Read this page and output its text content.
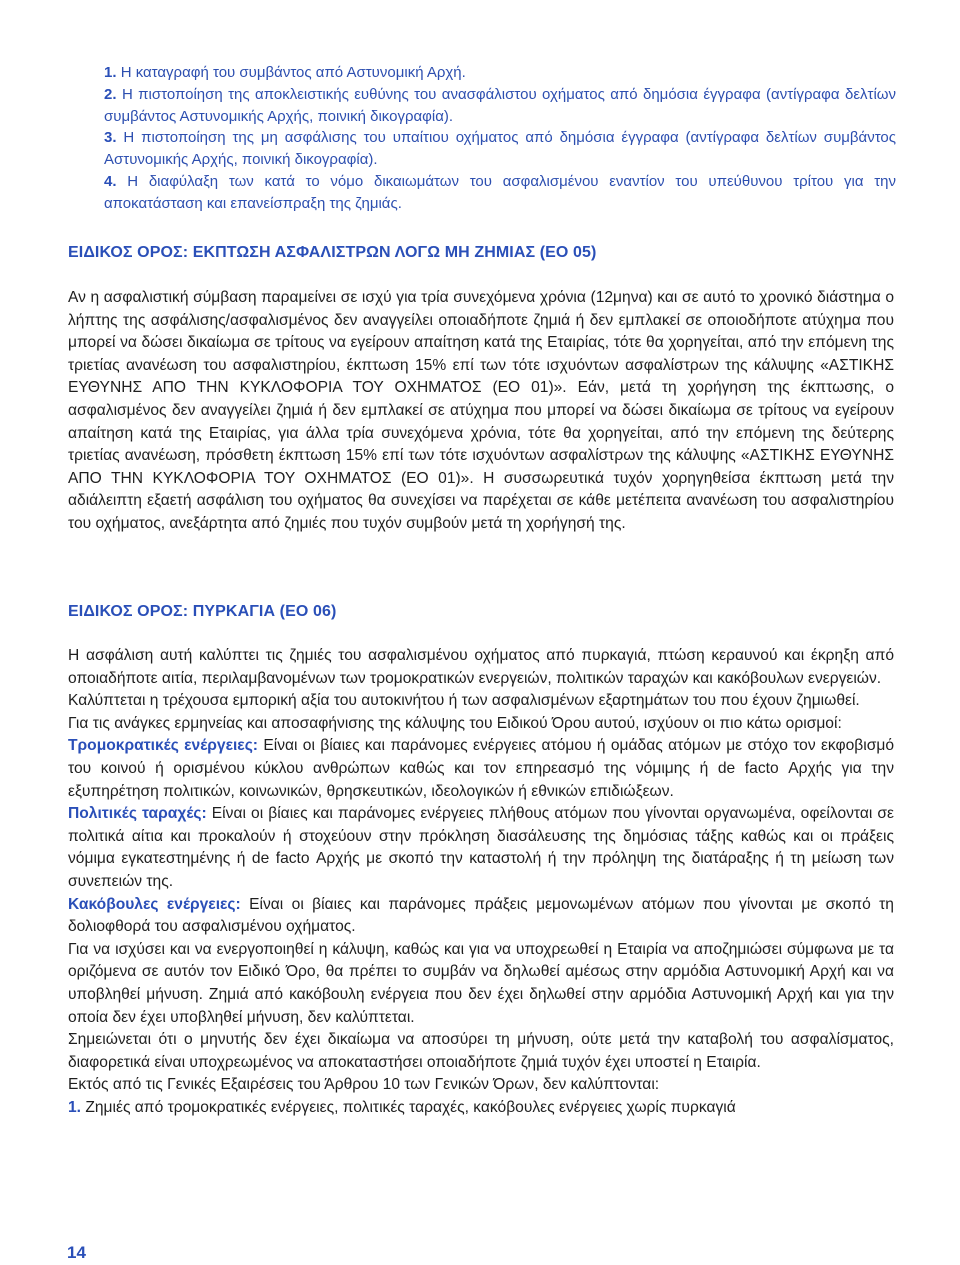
1. Η καταγραφή του συμβάντος από Αστυνομική Αρχή.

2. Η πιστοποίηση της αποκλειστικής ευθύνης του ανασφάλιστου οχήματος από δημόσια έγγραφα (αντίγραφα δελτίων συμβάντος Αστυνομικής Αρχής, ποινική δικογραφία).

3. Η πιστοποίηση της μη ασφάλισης του υπαίτιου οχήματος από δημόσια έγγραφα (αντίγραφα δελτίων συμβάντος Αστυνομικής Αρχής, ποινική δικογραφία).

4. Η διαφύλαξη των κατά το νόμο δικαιωμάτων του ασφαλισμένου εναντίον του υπεύθυνου τρίτου για την αποκατάσταση και επανείσπραξη της ζημιάς.

ΕΙΔΙΚΟΣ ΟΡΟΣ: ΕΚΠΤΩΣΗ ΑΣΦΑΛΙΣΤΡΩΝ ΛΟΓΩ ΜΗ ΖΗΜΙΑΣ (ΕΟ 05)

Αν η ασφαλιστική σύμβαση παραμείνει σε ισχύ για τρία συνεχόμενα χρόνια (12μηνα) και σε αυτό το χρονικό διάστημα ο λήπτης της ασφάλισης/ασφαλισμένος δεν αναγγείλει οποιαδήποτε ζημιά ή δεν εμπλακεί σε οποιοδήποτε ατύχημα που μπορεί να δώσει δικαίωμα σε τρίτους να εγείρουν απαίτηση κατά της Εταιρίας, τότε θα χορηγείται, από την επόμενη της τριετίας ανανέωση του ασφαλιστηρίου, έκπτωση 15% επί των τότε ισχυόντων ασφαλίστρων της κάλυψης «ΑΣΤΙΚΗΣ ΕΥΘΥΝΗΣ ΑΠΟ ΤΗΝ ΚΥΚΛΟΦΟΡΙΑ ΤΟΥ ΟΧΗΜΑΤΟΣ (ΕΟ 01)». Εάν, μετά τη χορήγηση της έκπτωσης, ο ασφαλισμένος δεν αναγγείλει ζημιά ή δεν εμπλακεί σε ατύχημα που μπορεί να δώσει δικαίωμα σε τρίτους να εγείρουν απαίτηση κατά της Εταιρίας, για άλλα τρία συνεχόμενα χρόνια, τότε θα χορηγείται, από την επόμενη της δεύτερης τριετίας ανανέωση, πρόσθετη έκπτωση 15% επί των τότε ισχυόντων ασφαλίστρων της κάλυψης «ΑΣΤΙΚΗΣ ΕΥΘΥΝΗΣ ΑΠΟ ΤΗΝ ΚΥΚΛΟΦΟΡΙΑ ΤΟΥ ΟΧΗΜΑΤΟΣ (ΕΟ 01)». Η συσσωρευτικά τυχόν χορηγηθείσα έκπτωση μετά την αδιάλειπτη εξαετή ασφάλιση του οχήματος θα συνεχίσει να παρέχεται σε κάθε μετέπειτα ανανέωση του ασφαλιστηρίου του οχήματος, ανεξάρτητα από ζημιές που τυχόν συμβούν μετά τη χορήγησή της.

ΕΙΔΙΚΟΣ ΟΡΟΣ: ΠΥΡΚΑΓΙΑ (ΕΟ 06)
Η ασφάλιση αυτή καλύπτει τις ζημιές του ασφαλισμένου οχήματος από πυρκαγιά, πτώση κεραυνού και έκρηξη από οποιαδήποτε αιτία, περιλαμβανομένων των τρομοκρατικών ενεργειών, πολιτικών ταραχών και κακόβουλων ενεργειών.
Καλύπτεται η τρέχουσα εμπορική αξία του αυτοκινήτου ή των ασφαλισμένων εξαρτημάτων του που έχουν ζημιωθεί.
Για τις ανάγκες ερμηνείας και αποσαφήνισης της κάλυψης του Ειδικού Όρου αυτού, ισχύουν οι πιο κάτω ορισμοί:
Τρομοκρατικές ενέργειες: Είναι οι βίαιες και παράνομες ενέργειες ατόμου ή ομάδας ατόμων με στόχο τον εκφοβισμό του κοινού ή ορισμένου κύκλου ανθρώπων καθώς και τον επηρεασμό της νόμιμης ή de facto Αρχής για την εξυπηρέτηση πολιτικών, κοινωνικών, θρησκευτικών, ιδεολογικών ή εθνικών επιδιώξεων.
Πολιτικές ταραχές: Είναι οι βίαιες και παράνομες ενέργειες πλήθους ατόμων που γίνονται οργανωμένα, οφείλονται σε πολιτικά αίτια και προκαλούν ή στοχεύουν στην πρόκληση διασάλευσης της δημόσιας τάξης καθώς και οι πράξεις νόμιμα εγκατεστημένης ή de facto Αρχής με σκοπό την καταστολή ή την πρόληψη της διατάραξης ή τη μείωση των συνεπειών της.
Κακόβουλες ενέργειες: Είναι οι βίαιες και παράνομες πράξεις μεμονωμένων ατόμων που γίνονται με σκοπό τη δολιοφθορά του ασφαλισμένου οχήματος.
Για να ισχύσει και να ενεργοποιηθεί η κάλυψη, καθώς και για να υποχρεωθεί η Εταιρία να αποζημιώσει σύμφωνα με τα οριζόμενα σε αυτόν τον Ειδικό Όρο, θα πρέπει το συμβάν να δηλωθεί αμέσως στην αρμόδια Αστυνομική Αρχή και να υποβληθεί μήνυση. Ζημιά από κακόβουλη ενέργεια που δεν έχει δηλωθεί στην αρμόδια Αστυνομική Αρχή και για την οποία δεν έχει υποβληθεί μήνυση, δεν καλύπτεται.
Σημειώνεται ότι ο μηνυτής δεν έχει δικαίωμα να αποσύρει τη μήνυση, ούτε μετά την καταβολή του ασφαλίσματος, διαφορετικά είναι υποχρεωμένος να αποκαταστήσει οποιαδήποτε ζημιά τυχόν έχει υποστεί η Εταιρία.
Εκτός από τις Γενικές Εξαιρέσεις του Άρθρου 10 των Γενικών Όρων, δεν καλύπτονται:
1. Ζημιές από τρομοκρατικές ενέργειες, πολιτικές ταραχές, κακόβουλες ενέργειες χωρίς πυρκαγιά
14
